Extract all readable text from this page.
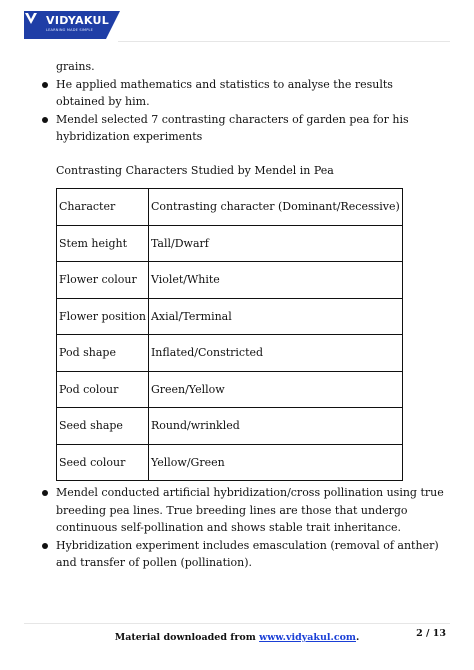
VIDYAKUL
LEARNING MADE SIMPLE

grains.

He applied mathematics and statistics to analyse the results obtained by him.
Mendel selected 7 contrasting characters of garden pea for his hybridization experiments

Contrasting Characters Studied by Mendel in Pea

Character	Contrasting character (Dominant/Recessive)
Stem height	Tall/Dwarf
Flower colour	Violet/White
Flower position	Axial/Terminal
Pod shape	Inflated/Constricted
Pod colour	Green/Yellow
Seed shape	Round/wrinkled
Seed colour	Yellow/Green
Mendel conducted artificial hybridization/cross pollination using true breeding pea lines. True breeding lines are those that undergo continuous self-pollination and shows stable trait inheritance.
Hybridization experiment includes emasculation (removal of anther) and transfer of pollen (pollination).
Material downloaded from www.vidyakul.com.	2 / 13
